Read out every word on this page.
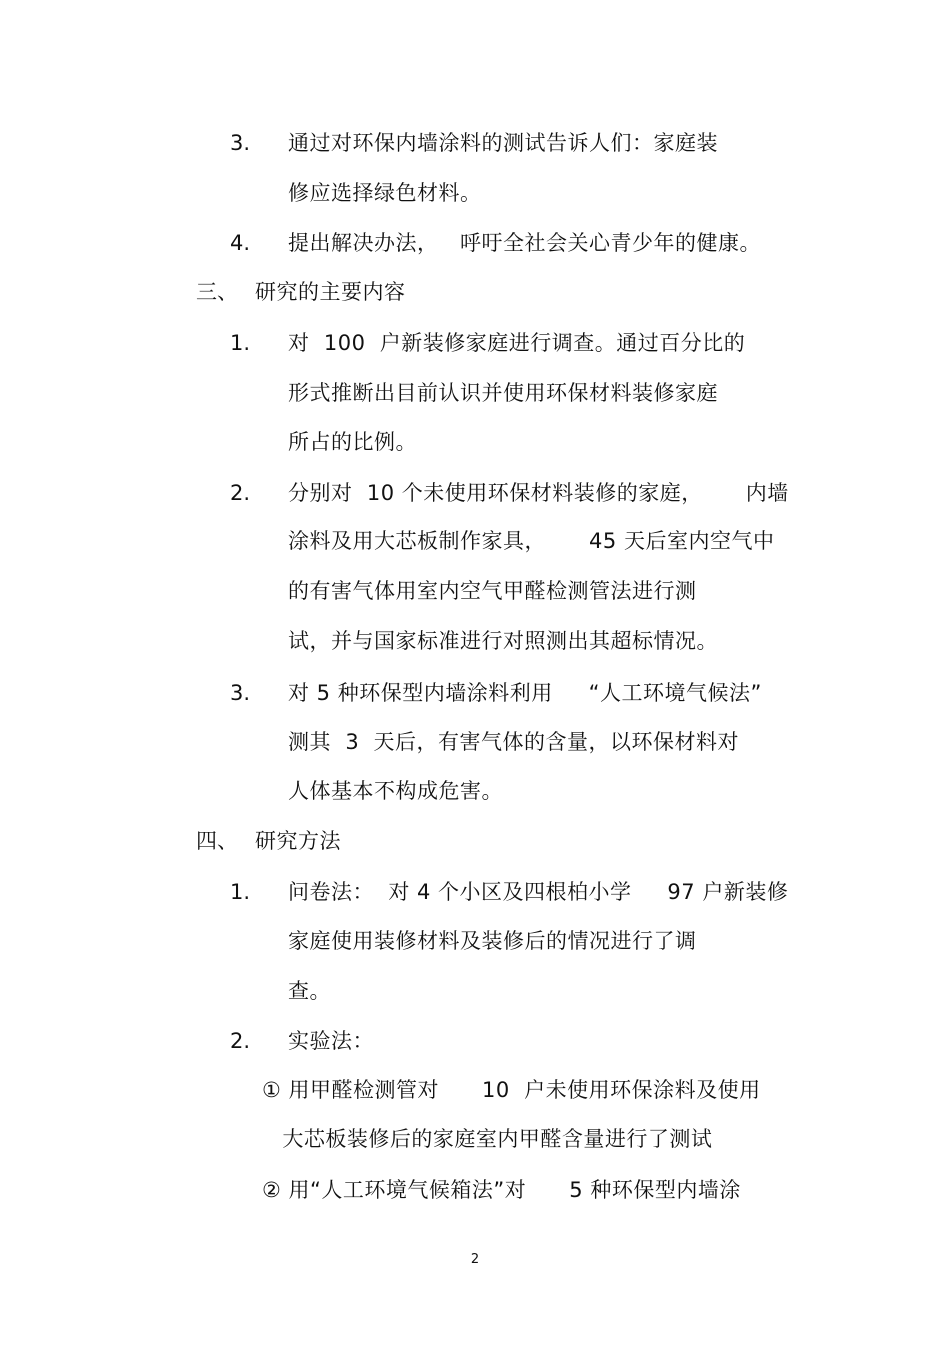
3. 通过对环保内墙涂料的测试告诉人们：家庭装
修应选择绿色材料。
4. 提出解决办法，   呼吁全社会关心青少年的健康。
三、 研究的主要内容
1. 对  100  户新装修家庭进行调查。通过百分比的
形式推断出目前认识并使用环保材料装修家庭
所占的比例。
2. 分别对  10 个未使用环保材料装修的家庭，      内墙
涂料及用大芯板制作家具，      45 天后室内空气中
的有害气体用室内空气甲醛检测管法进行测
试，并与国家标准进行对照测出其超标情况。
3. 对 5 种环保型内墙涂料利用     “人工环境气候法”
测其  3  天后，有害气体的含量，以环保材料对
人体基本不构成危害。
四、 研究方法
1. 问卷法：  对 4 个小区及四根柏小学     97 户新装修
家庭使用装修材料及装修后的情况进行了调
查。
2. 实验法：
① 用甲醛检测管对      10  户未使用环保涂料及使用
大芯板装修后的家庭室内甲醛含量进行了测试
② 用“人工环境气候箱法”对      5 种环保型内墙涂
2
